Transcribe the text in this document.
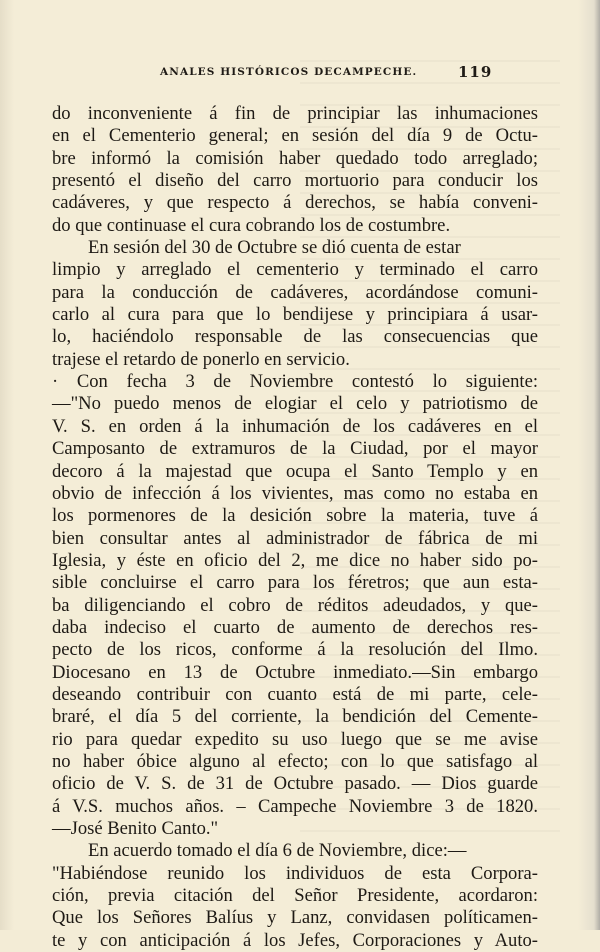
ANALES HISTÓRICOS DECAMPECHE.	119
do inconveniente á fin de principiar las inhumaciones
en el Cementerio general; en sesión del día 9 de Octu-
bre informó la comisión haber quedado todo arreglado;
presentó el diseño del carro mortuorio para conducir los
cadáveres, y que respecto á derechos, se había conveni-
do que continuase el cura cobrando los de costumbre.
En sesión del 30 de Octubre se dió cuenta de estar
limpio y arreglado el cementerio y terminado el carro
para la conducción de cadáveres, acordándose comuni-
carlo al cura para que lo bendijese y principiara á usar-
lo, haciéndolo responsable de las consecuencias que
trajese el retardo de ponerlo en servicio.
· Con fecha 3 de Noviembre contestó lo siguiente:
—"No puedo menos de elogiar el celo y patriotismo de
V. S. en orden á la inhumación de los cadáveres en el
Camposanto de extramuros de la Ciudad, por el mayor
decoro á la majestad que ocupa el Santo Templo y en
obvio de infección á los vivientes, mas como no estaba en
los pormenores de la desición sobre la materia, tuve á
bien consultar antes al administrador de fábrica de mi
Iglesia, y éste en oficio del 2, me dice no haber sido po-
sible concluirse el carro para los féretros; que aun esta-
ba diligenciando el cobro de réditos adeudados, y que-
daba indeciso el cuarto de aumento de derechos res-
pecto de los ricos, conforme á la resolución del Ilmo.
Diocesano en 13 de Octubre inmediato.—Sin embargo
deseando contribuir con cuanto está de mi parte, cele-
braré, el día 5 del corriente, la bendición del Cemente-
rio para quedar expedito su uso luego que se me avise
no haber óbice alguno al efecto; con lo que satisfago al
oficio de V. S. de 31 de Octubre pasado. — Dios guarde
á V.S. muchos años. – Campeche Noviembre 3 de 1820.
—José Benito Canto."
En acuerdo tomado el día 6 de Noviembre, dice:—
"Habiéndose reunido los individuos de esta Corpora-
ción, previa citación del Señor Presidente, acordaron:
Que los Señores Balíus y Lanz, convidasen políticamen-
te y con anticipación á los Jefes, Corporaciones y Auto-
